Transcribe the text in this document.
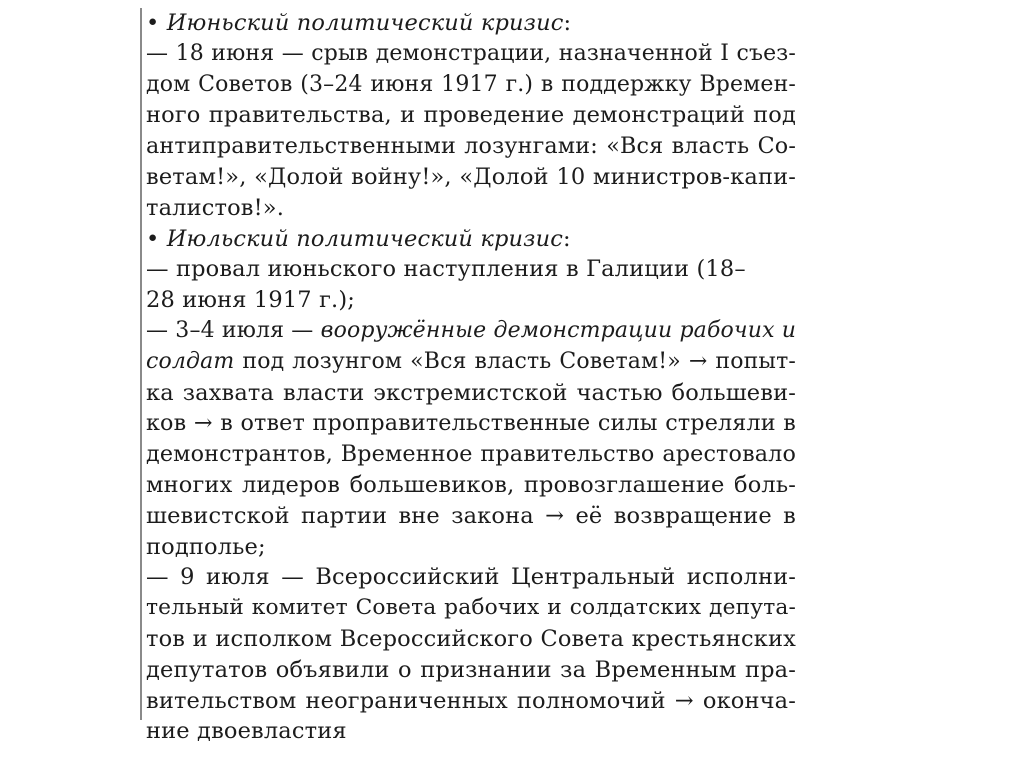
• Июньский политический кризис:
— 18 июня — срыв демонстрации, назначенной I съез-
дом Советов (3–24 июня 1917 г.) в поддержку Времен-
ного правительства, и проведение демонстраций под
антиправительственными лозунгами: «Вся власть Со-
ветам!», «Долой войну!», «Долой 10 министров-капи-
талистов!».
• Июльский политический кризис:
— провал июньского наступления в Галиции (18–
28 июня 1917 г.);
— 3–4 июля — вооружённые демонстрации рабочих и
солдат под лозунгом «Вся власть Советам!» → попыт-
ка захвата власти экстремистской частью большеви-
ков → в ответ проправительственные силы стреляли в
демонстрантов, Временное правительство арестовало
многих лидеров большевиков, провозглашение боль-
шевистской партии вне закона → её возвращение в
подполье;
— 9 июля — Всероссийский Центральный исполни-
тельный комитет Совета рабочих и солдатских депута-
тов и исполком Всероссийского Совета крестьянских
депутатов объявили о признании за Временным пра-
вительством неограниченных полномочий → оконча-
ние двоевластия
